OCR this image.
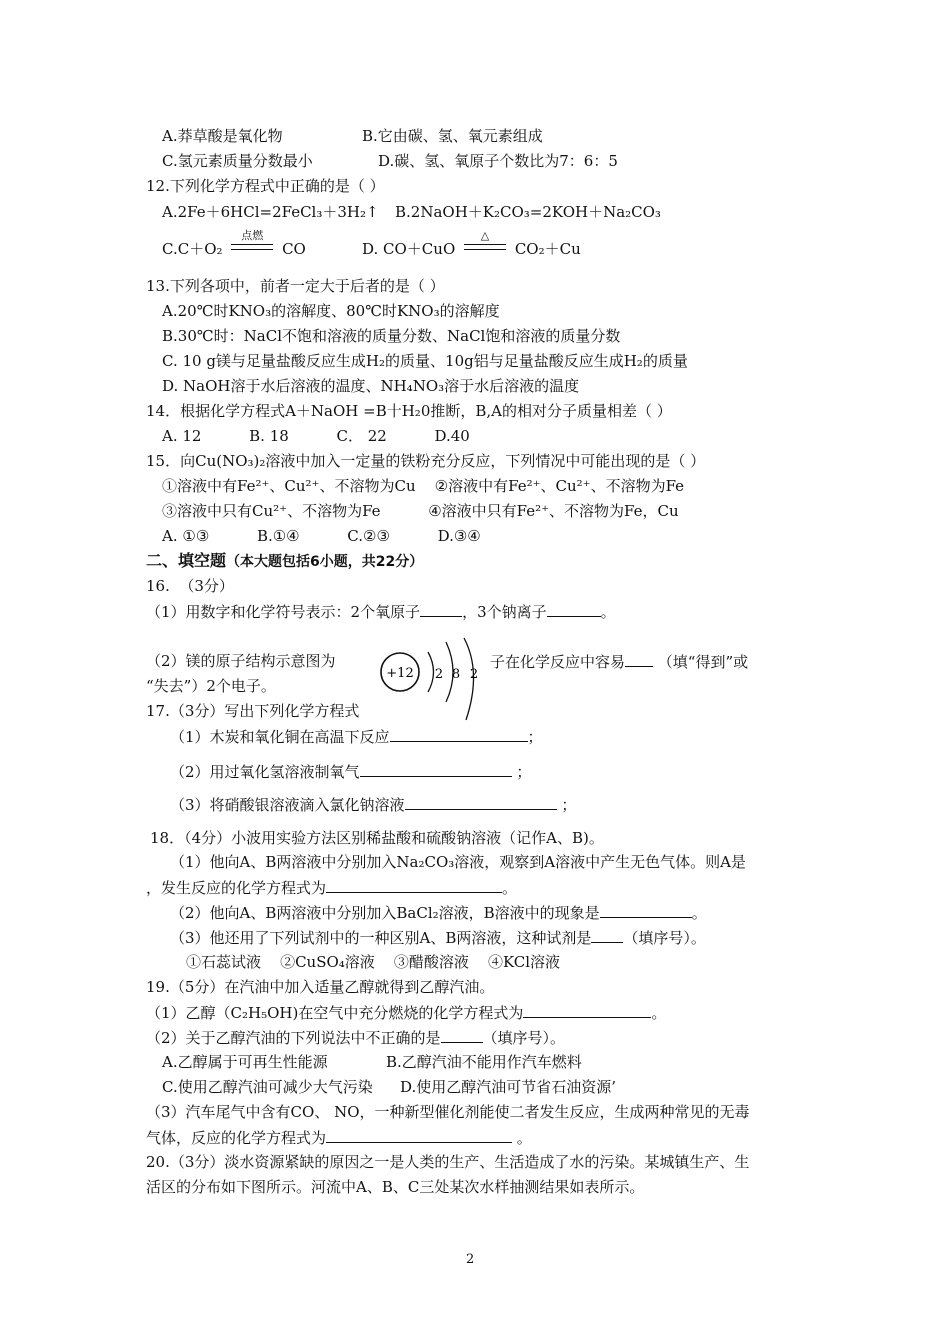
A.莽草酸是氧化物	B.它由碳、氢、氧元素组成
C.氢元素质量分数最小	D.碳、氢、氧原子个数比为7：6：5
12.下列化学方程式中正确的是（ ）
A.2Fe＋6HCl=2FeCl₃＋3H₂↑ B.2NaOH＋K₂CO₃=2KOH＋Na₂CO₃
C.C＋O₂
点燃
CO	D. CO＋CuO
△
CO₂＋Cu
13.下列各项中，前者一定大于后者的是（ ）
A.20℃时KNO₃的溶解度、80℃时KNO₃的溶解度
B.30℃时：NaCl不饱和溶液的质量分数、NaCl饱和溶液的质量分数
C. 10 g镁与足量盐酸反应生成H₂的质量、10g铝与足量盐酸反应生成H₂的质量
D. NaOH溶于水后溶液的温度、NH₄NO₃溶于水后溶液的温度
14．根据化学方程式A＋NaOH =B十H₂0推断，B,A的相对分子质量相差（ ）
A. 12          B. 18          C． 22          D.40
15．向Cu(NO₃)₂溶液中加入一定量的铁粉充分反应，下列情况中可能出现的是（ ）
①溶液中有Fe²⁺、Cu²⁺、不溶物为Cu    ②溶液中有Fe²⁺、Cu²⁺、不溶物为Fe
③溶液中只有Cu²⁺、不溶物为Fe          ④溶液中只有Fe²⁺、不溶物为Fe，Cu
A. ①③          B.①④          C.②③          D.③④
二、填空题（本大题包括6小题，共22分）
16.  （3分）
（1）用数字和化学符号表示：2个氧原子	，3个钠离子	。
（2）镁的原子结构示意图为
+12 2 8 2
子在化学反应中容易 （填“得到”或
“失去”）2个电子。
17.（3分）写出下列化学方程式
（1）木炭和氧化铜在高温下反应	；
（2）用过氧化氢溶液制氧气	；
（3）将硝酸银溶液滴入氯化钠溶液	；
18．（4分）小波用实验方法区别稀盐酸和硫酸钠溶液（记作A、B)。
（1）他向A、B两溶液中分别加入Na₂CO₃溶液，观察到A溶液中产生无色气体。则A是
，发生反应的化学方程式为	。
（2）他向A、B两溶液中分别加入BaCl₂溶液，B溶液中的现象是	。
（3）他还用了下列试剂中的一种区别A、B两溶液，这种试剂是 （填序号）。
①石蕊试液    ②CuSO₄溶液    ③醋酸溶液    ④KCl溶液
19.（5分）在汽油中加入适量乙醇就得到乙醇汽油。
（1）乙醇（C₂H₅OH)在空气中充分燃烧的化学方程式为	。
（2）关于乙醇汽油的下列说法中不正确的是	（填序号）。
A.乙醇属于可再生性能源	B.乙醇汽油不能用作汽车燃料
C.使用乙醇汽油可减少大气污染 D.使用乙醇汽油可节省石油资源’
（3）汽车尾气中含有CO、 NO，一种新型催化剂能使二者发生反应，生成两种常见的无毒
气体，反应的化学方程式为	。
20.（3分）淡水资源紧缺的原因之一是人类的生产、生活造成了水的污染。某城镇生产、生
活区的分布如下图所示。河流中A、B、C三处某次水样抽测结果如表所示。
2
